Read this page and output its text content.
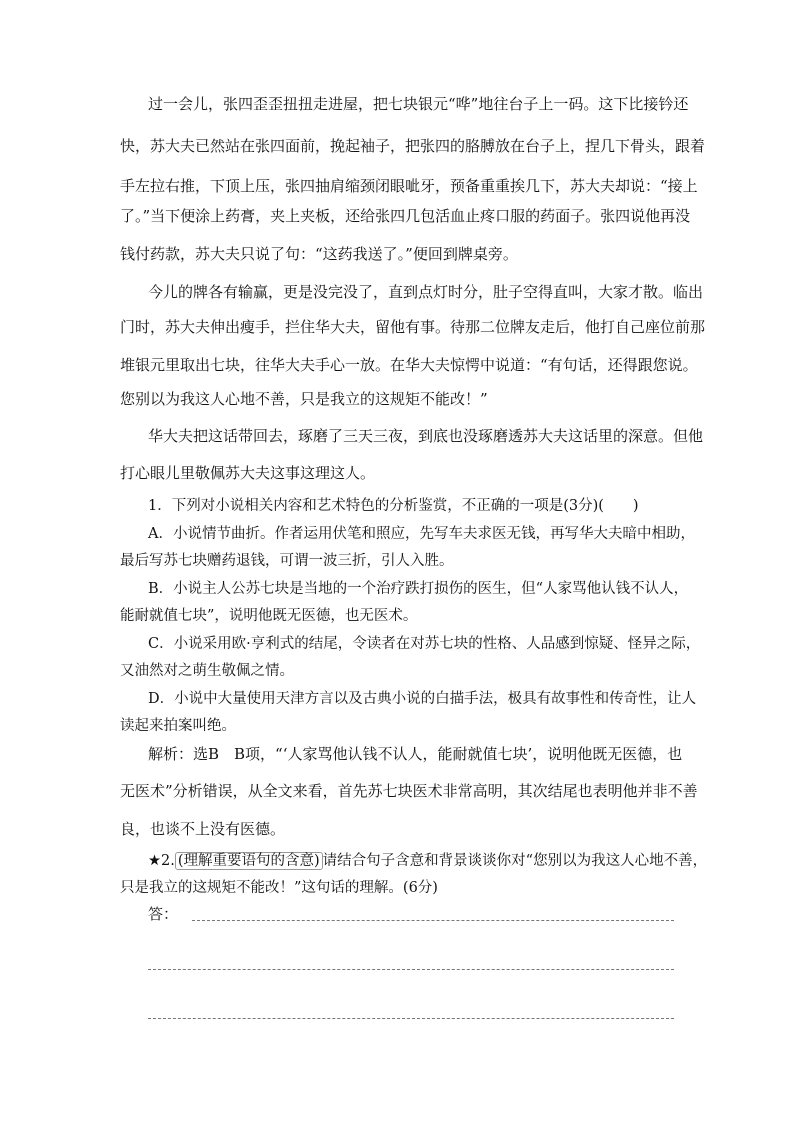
过一会儿，张四歪歪扭扭走进屋，把七块银元“哗”地往台子上一码。这下比接钤还
快，苏大夫已然站在张四面前，挽起袖子，把张四的胳膊放在台子上，捏几下骨头，跟着
手左拉右推，下顶上压，张四抽肩缩颈闭眼呲牙，预备重重挨几下，苏大夫却说：“接上
了。”当下便涂上药膏，夹上夹板，还给张四几包活血止疼口服的药面子。张四说他再没
钱付药款，苏大夫只说了句：“这药我送了。”便回到牌桌旁。
今儿的牌各有输赢，更是没完没了，直到点灯时分，肚子空得直叫，大家才散。临出
门时，苏大夫伸出瘦手，拦住华大夫，留他有事。待那二位牌友走后，他打自己座位前那
堆银元里取出七块，往华大夫手心一放。在华大夫惊愕中说道：“有句话，还得跟您说。
您别以为我这人心地不善，只是我立的这规矩不能改！”
华大夫把这话带回去，琢磨了三天三夜，到底也没琢磨透苏大夫这话里的深意。但他
打心眼儿里敬佩苏大夫这事这理这人。
1．下列对小说相关内容和艺术特色的分析鉴赏，不正确的一项是(3分)(　　)
A．小说情节曲折。作者运用伏笔和照应，先写车夫求医无钱，再写华大夫暗中相助，
最后写苏七块赠药退钱，可谓一波三折，引人入胜。
B．小说主人公苏七块是当地的一个治疗跌打损伤的医生，但“人家骂他认钱不认人，
能耐就值七块”，说明他既无医德，也无医术。
C．小说采用欧·亨利式的结尾，令读者在对苏七块的性格、人品感到惊疑、怪异之际，
又油然对之萌生敬佩之情。
D．小说中大量使用天津方言以及古典小说的白描手法，极具有故事性和传奇性，让人
读起来拍案叫绝。
解析：选B　B项，“‘人家骂他认钱不认人，能耐就值七块’，说明他既无医德，也
无医术”分析错误，从全文来看，首先苏七块医术非常高明，其次结尾也表明他并非不善
良，也谈不上没有医德。
★2. (理解重要语句的含意) 请结合句子含意和背景谈谈你对“您别以为我这人心地不善，
只是我立的这规矩不能改！”这句话的理解。(6分)
答：
